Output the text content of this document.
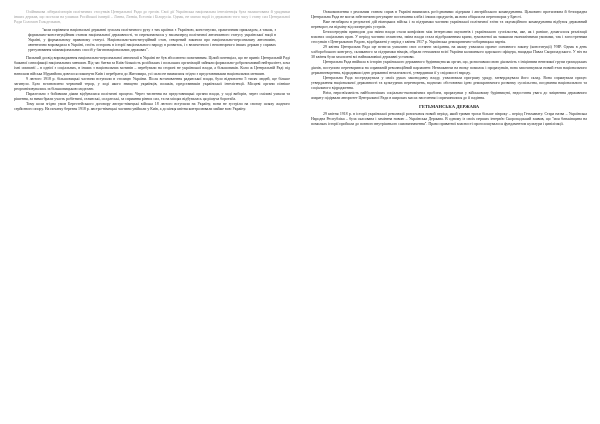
Олійникова лібералізаторів політичних стосунків Центральної Ради до грелів. Свої дії Українська національна інтелігенція була налаштована й урядники інших держав, що постали на уламках Російської імперії – Литва, Латвія, Естонія і Білорусія. Однак, не маємо надії із державою того часу і стану сил Центральної Ради Соломон Гольдельман,

"коли порівняти національні державні зусилля політичного руху з тих країнах з Україною, констатуємо, практичним прикладом, а також, з формально-конституційним станом національної державності, то переконаємося у насамперед політичної автономного статусу української нації в Україні, у формальному правовому статусі. Національно-конституційний стан, створений законом про національно-персональну автономію, автентично впровадила в Україні, стоїть осторонь в історії національного народу в розвиток, і є величезного і неповторного інших держав у справах урегулювання міжнаціональних спосіб у багатонаціональних державах".

Пильний досвід впровадження національно-персональної автономії в Україні не був абсолютно позитивним. Цілий потенціал, що не приніс Центральній Раді бажаної сатисфакції національних меншин. Під час битви за Київ більшість російських і польських організацій зайняли формально-доброзичливий нейтралітет, хоча їхні симпатії – в однієї з соціальних, в інших з національних мотивів – перебували на стороні не української влади, а більшовиків. Коли ж Центральній Раді під натиском війська Муравйова довелося покинути Київ і перебрати до Житомира, усі сили не виявилися згідно з представниками національних меншин.

9 лютого 1918 р. більшовицькі частини вступили в столицю України. Після встановлення радянської влади, було відновлено 5 тисяч людей, ще більше загинуло. Було встановлено червоний терор, у ході якого знищено українців, поляків, представників української інтелігенції. Місцеві органи пізніше реорганізовувались за більшовицькою моделлю.

Паралельно з бойовими діями відбувалися політичні процеси. Через тиснення на представницькі органи влади, у ході виборів, через сміливі ухвали та рішення, за ними брали участь робітничі, селянські, солдатські, за сприяння різних сил, та на місцях відбувалась ця рішуча боротьба.

Тому коли згідно умов Берестейського договору австро-німецькі війська 18 лютого вступили на Україну, вони не зустріли на своєму шляху жодного серйозного опору. На початку березня 1918 р. австро-німецькі частини увійшли у Київ, а до кінця квітня контролювали майже всю Україну.

Отакомовлення з реальним станом справ в Україні виявились роз'єднаними лідерами і австрійського командування. Цілковито протилежна й безпорадна Центральна Рада не могла забезпечити регулярне постачання хліба і інших продуктів, як вона обіцяла на переговорах у Бресті.

Вже незабаром в результаті дій німецьких військ і за підтримки частини української політичної еліти та окупаційного командування відбувся державний переворот, на відміну від попередніх устроїв.

Безпосереднім приводом для зміни влади стали конфлікти між інтересами окупантів і українського суспільства, яке, як і раніше, домагалося реалізації власних соціальних прав. У період частини селянства, зміна влади стала відображенням кризи, зумовленої як тяжкими економічними умовами, так і загостренням стосунків з Центральною Радою, відображені у період з квітня 1917 р. Українська демократично-соборницька партія.

29 квітня Центральна Рада ще встигла ухвалити своє останнє засідання, на якому ухвалила проект основного закону (конституції) УНР. Однак в день хліборобського конгресу, скликаного за підтримки німців, обрали гетьманом всієї України колишнього царського офіцера, нащадка Павла Скоропадського. У ніч на 30 квітня були захоплені всі найважливіші державні установи.

Центральна Рада ввійшла в історію українського державного будівництва як орган, що, розпочавши свою діяльність з ініціативи невеликої групи громадських діячів, поступово перетворився на справжній революційний парламент. Незважаючи на низку помилок і прорахунків, вона започаткувала новий етап національного державотворення, відродивши ідею державної незалежності, утвердивши її у свідомості народу.

Центральна Рада зосереджувала у своїх руках законодавчу владу, ухвалювала програму уряду, затверджувала його склад. Вона спрямувала процес утвердження національної державності та культурних перетворень, водночас обстоюючи ідею демократичного розвитку суспільства, поєднання національного та соціального відродження.

Втім, нерозв'язаність найболючіших соціально-економічних проблем, прорахунки у військовому будівництві, недостатня увага до зміцнення державного апарату підірвали авторитет Центральної Ради в широких масах населення і спричинилися до її падіння.

ГЕТЬМАНСЬКА ДЕРЖАВА

29 квітня 1918 р. в історії української революції розпочався новий період, який тривав трохи більше півроку – період Гетьманату. Стара назва – Українська Народна Республіка – була скасована і замінена новою – Українська Держава. В одному із своїх перших інтерв'ю Скоропадський заявив, що "моя батьківщина на помилках історії пройшла до повного внутрішнього самовизначення". Право приватної власності проголошувалося фундаментом культури і цивілізації.
